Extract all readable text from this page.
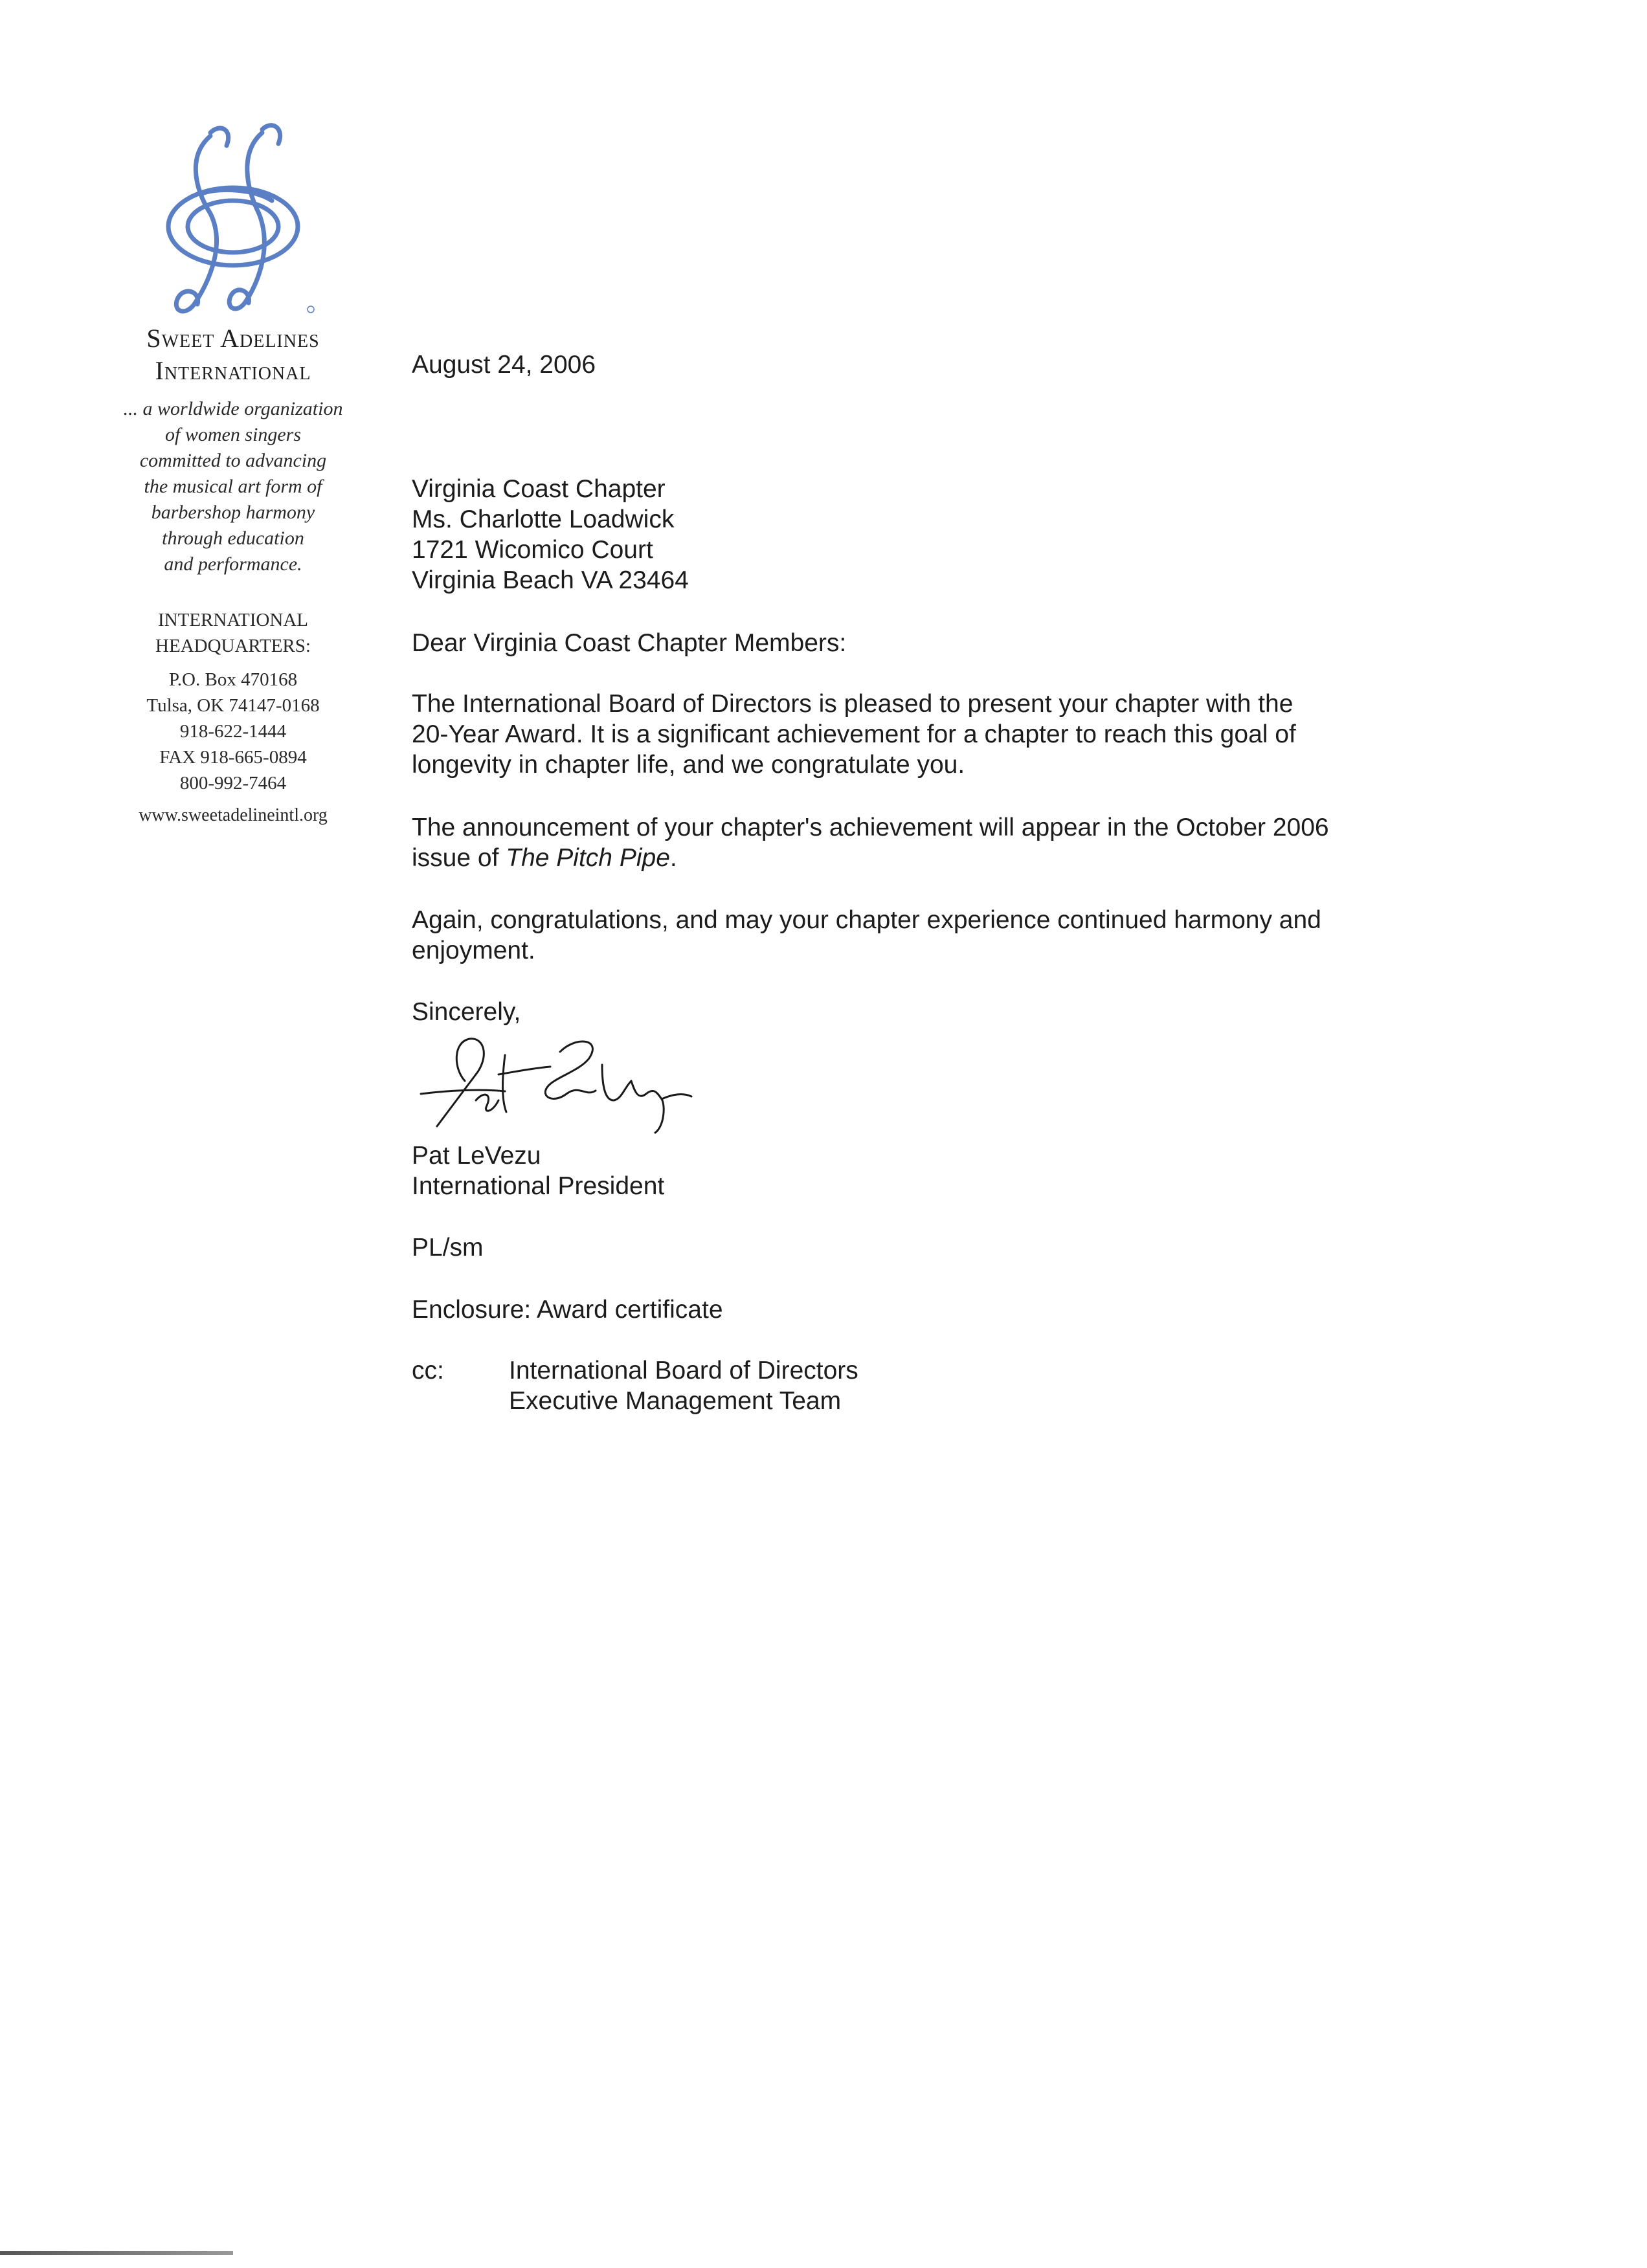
Sweet Adelines
International
... a worldwide organization
of women singers
committed to advancing
the musical art form of
barbershop harmony
through education
and performance.
INTERNATIONAL
HEADQUARTERS:
P.O. Box 470168
Tulsa, OK 74147-0168
918-622-1444
FAX 918-665-0894
800-992-7464
www.sweetadelineintl.org
August 24, 2006
Virginia Coast Chapter
Ms. Charlotte Loadwick
1721 Wicomico Court
Virginia Beach VA 23464
Dear Virginia Coast Chapter Members:
The International Board of Directors is pleased to present your chapter with the
20-Year Award. It is a significant achievement for a chapter to reach this goal of
longevity in chapter life, and we congratulate you.
The announcement of your chapter's achievement will appear in the October 2006
issue of The Pitch Pipe.
Again, congratulations, and may your chapter experience continued harmony and
enjoyment.
Sincerely,
Pat LeVezu
International President
PL/sm
Enclosure: Award certificate
cc:	International Board of Directors
Executive Management Team
